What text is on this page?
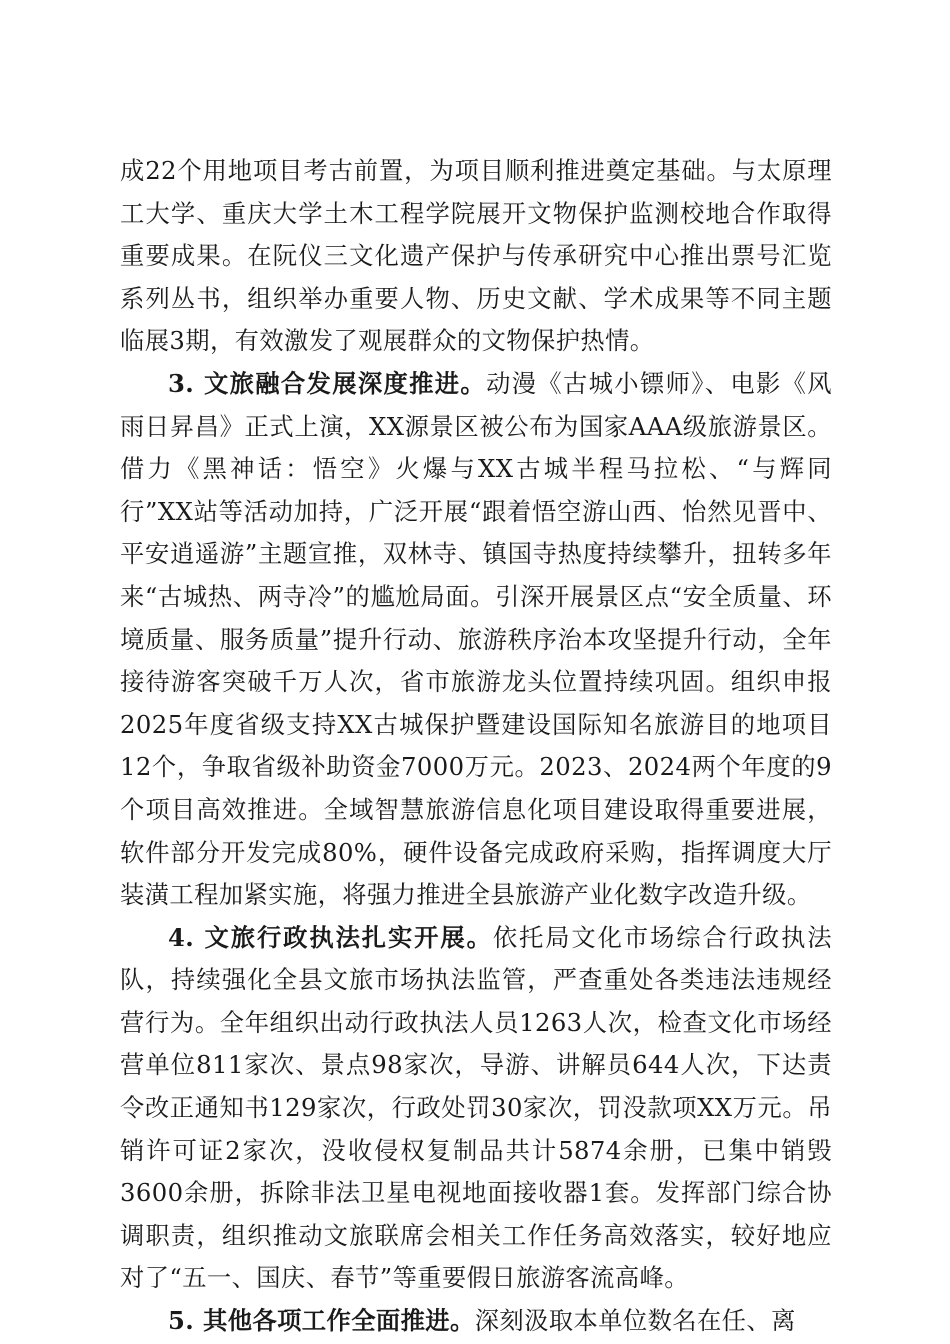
成22个用地项目考古前置，为项目顺利推进奠定基础。与太原理工大学、重庆大学土木工程学院展开文物保护监测校地合作取得重要成果。在阮仪三文化遗产保护与传承研究中心推出票号汇览系列丛书，组织举办重要人物、历史文献、学术成果等不同主题临展3期，有效激发了观展群众的文物保护热情。

3. 文旅融合发展深度推进。动漫《古城小镖师》、电影《风雨日昇昌》正式上演，XX源景区被公布为国家AAA级旅游景区。借力《黑神话：悟空》火爆与XX古城半程马拉松、“与辉同行”XX站等活动加持，广泛开展“跟着悟空游山西、怡然见晋中、平安逍遥游”主题宣推，双林寺、镇国寺热度持续攀升，扭转多年来“古城热、两寺冷”的尴尬局面。引深开展景区点“安全质量、环境质量、服务质量”提升行动、旅游秩序治本攻坚提升行动，全年接待游客突破千万人次，省市旅游龙头位置持续巩固。组织申报2025年度省级支持XX古城保护暨建设国际知名旅游目的地项目12个，争取省级补助资金7000万元。2023、2024两个年度的9个项目高效推进。全域智慧旅游信息化项目建设取得重要进展，软件部分开发完成80%，硬件设备完成政府采购，指挥调度大厅装潢工程加紧实施，将强力推进全县旅游产业化数字改造升级。

4. 文旅行政执法扎实开展。依托局文化市场综合行政执法队，持续强化全县文旅市场执法监管，严查重处各类违法违规经营行为。全年组织出动行政执法人员1263人次，检查文化市场经营单位811家次、景点98家次，导游、讲解员644人次，下达责令改正通知书129家次，行政处罚30家次，罚没款项XX万元。吊销许可证2家次，没收侵权复制品共计5874余册，已集中销毁3600余册，拆除非法卫星电视地面接收器1套。发挥部门综合协调职责，组织推动文旅联席会相关工作任务高效落实，较好地应对了“五一、国庆、春节”等重要假日旅游客流高峰。

5. 其他各项工作全面推进。深刻汲取本单位数名在任、离
